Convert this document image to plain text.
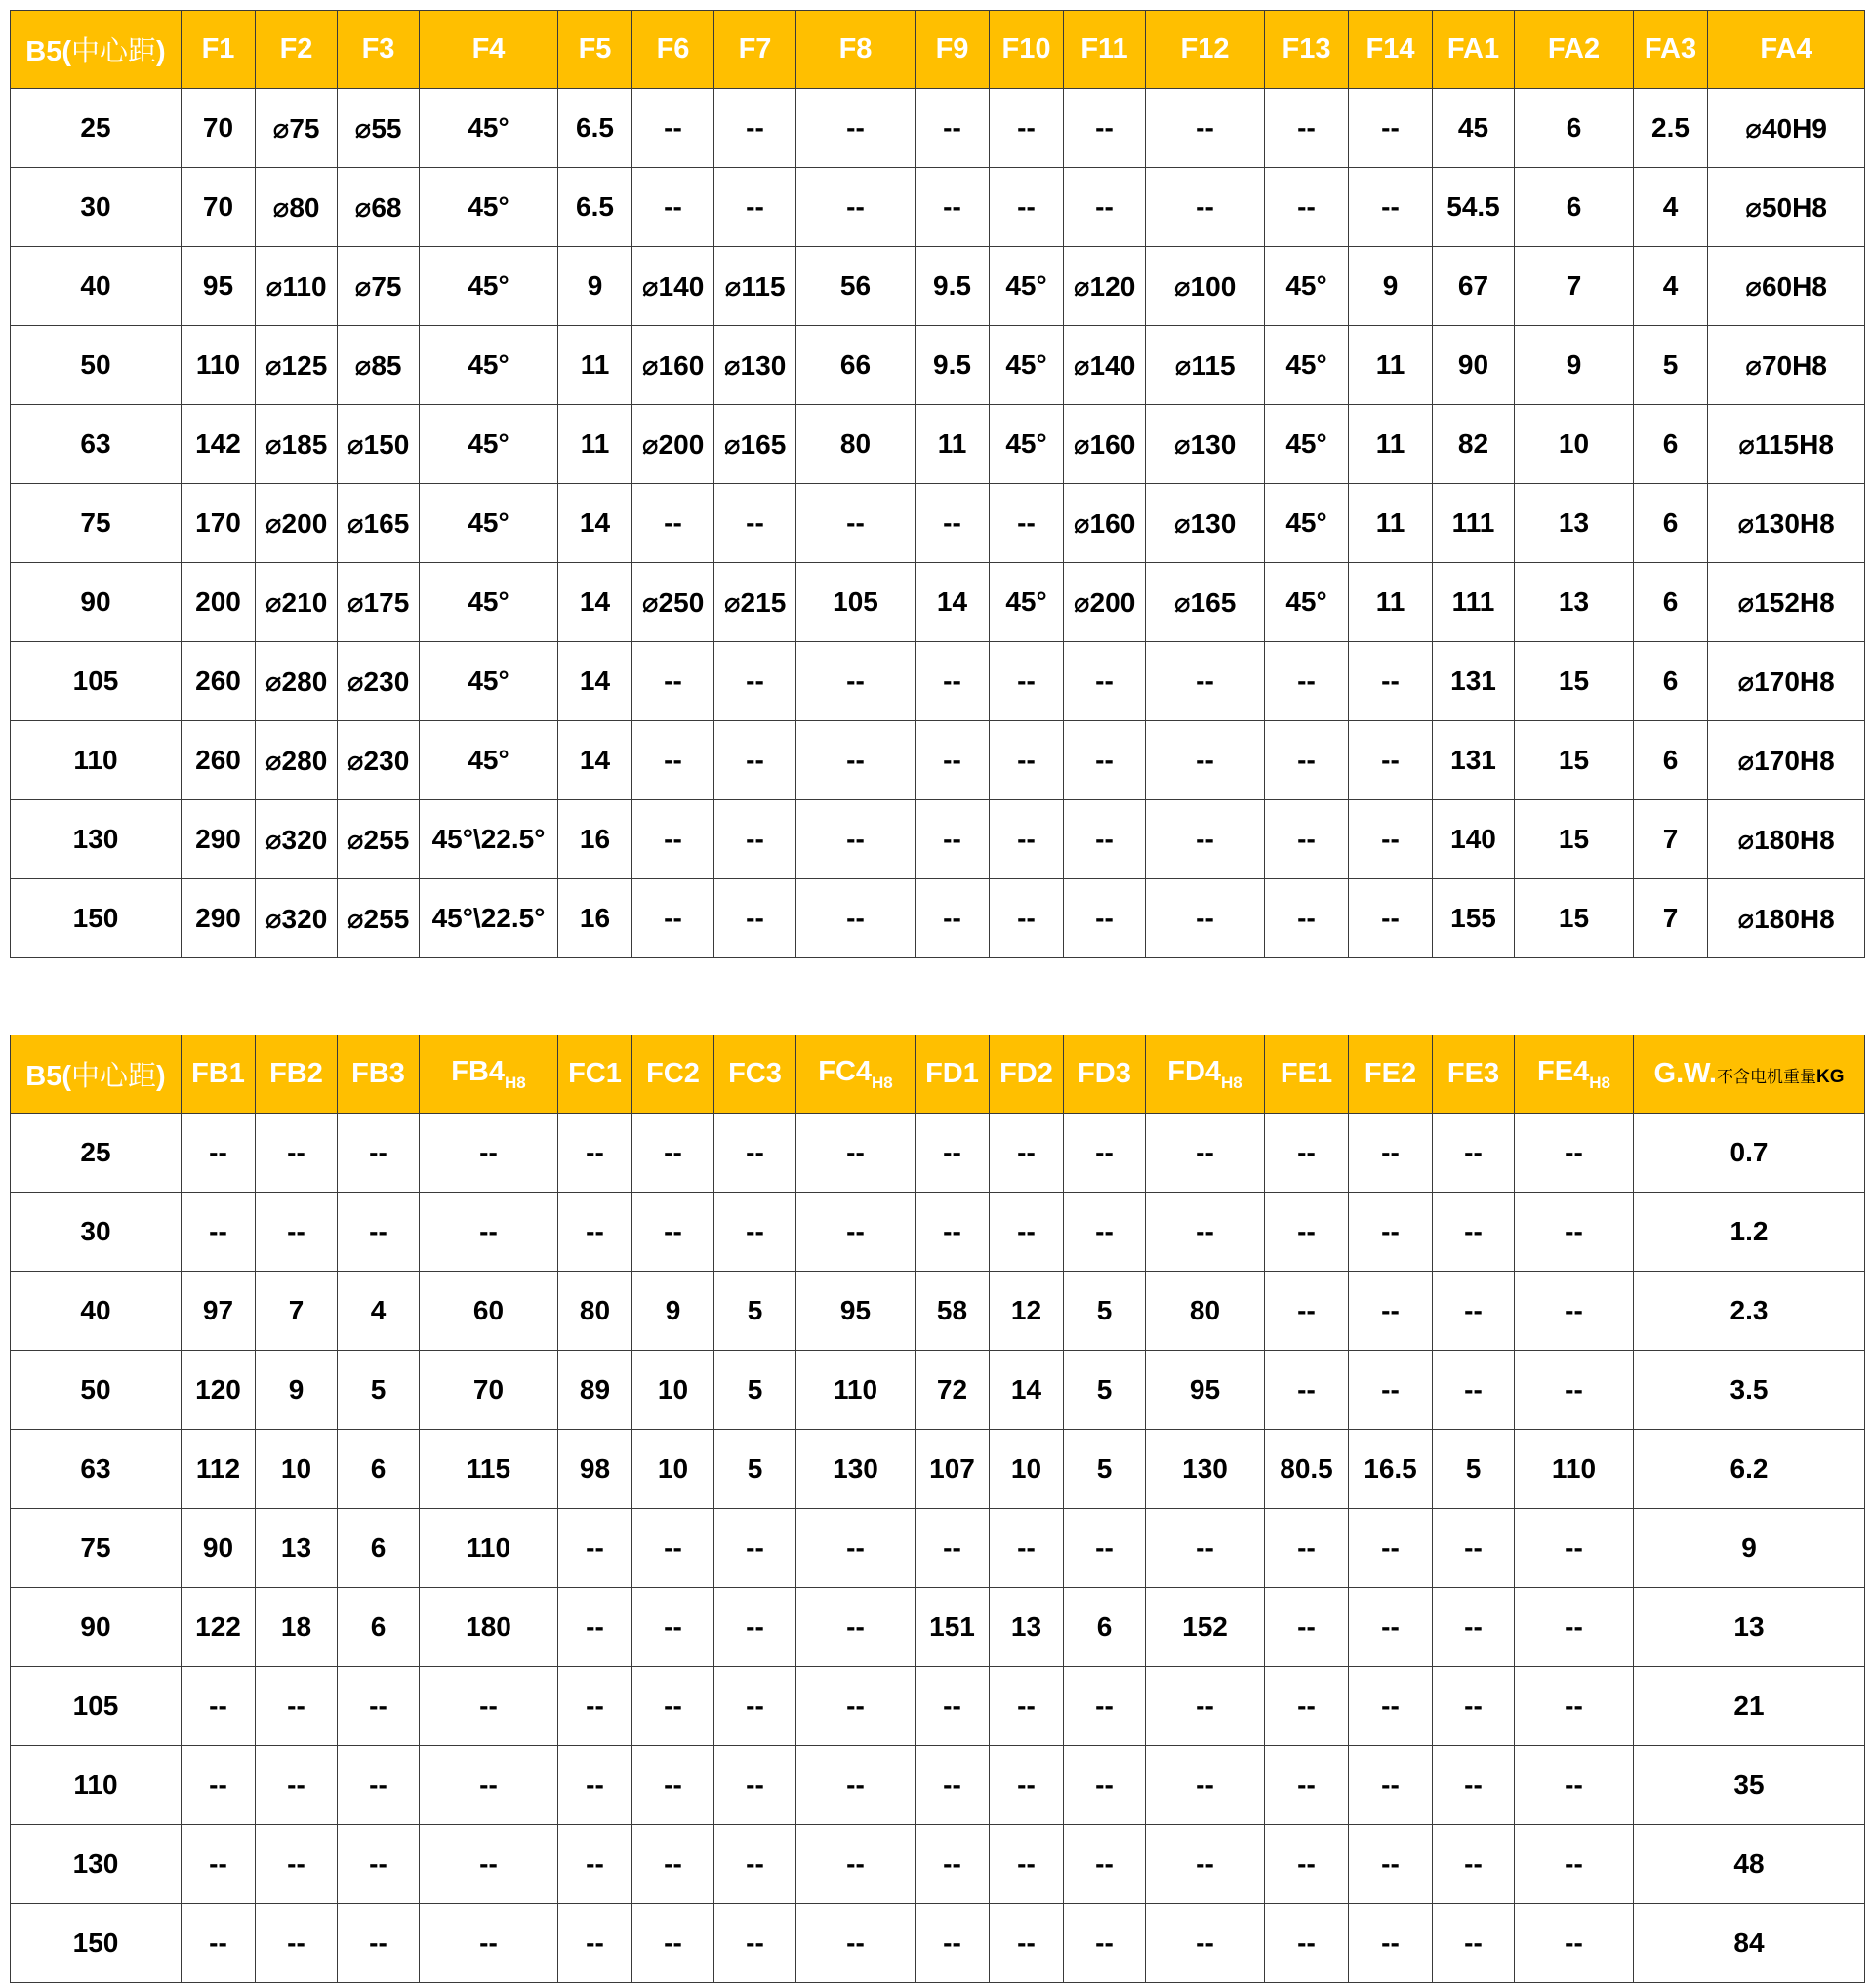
B5(中心距)	F1	F2	F3	F4	F5	F6	F7	F8	F9	F10	F11	F12	F13	F14	FA1	FA2	FA3	FA4
25	70	⌀75	⌀55	45°	6.5	--	--	--	--	--	--	--	--	--	45	6	2.5	⌀40H9
30	70	⌀80	⌀68	45°	6.5	--	--	--	--	--	--	--	--	--	54.5	6	4	⌀50H8
40	95	⌀110	⌀75	45°	9	⌀140	⌀115	56	9.5	45°	⌀120	⌀100	45°	9	67	7	4	⌀60H8
50	110	⌀125	⌀85	45°	11	⌀160	⌀130	66	9.5	45°	⌀140	⌀115	45°	11	90	9	5	⌀70H8
63	142	⌀185	⌀150	45°	11	⌀200	⌀165	80	11	45°	⌀160	⌀130	45°	11	82	10	6	⌀115H8
75	170	⌀200	⌀165	45°	14	--	--	--	--	--	⌀160	⌀130	45°	11	111	13	6	⌀130H8
90	200	⌀210	⌀175	45°	14	⌀250	⌀215	105	14	45°	⌀200	⌀165	45°	11	111	13	6	⌀152H8
105	260	⌀280	⌀230	45°	14	--	--	--	--	--	--	--	--	--	131	15	6	⌀170H8
110	260	⌀280	⌀230	45°	14	--	--	--	--	--	--	--	--	--	131	15	6	⌀170H8
130	290	⌀320	⌀255	45°\22.5°	16	--	--	--	--	--	--	--	--	--	140	15	7	⌀180H8
150	290	⌀320	⌀255	45°\22.5°	16	--	--	--	--	--	--	--	--	--	155	15	7	⌀180H8
B5(中心距)	FB1	FB2	FB3	$FB4_{H8}$	FC1	FC2	FC3	$FC4_{H8}$	FD1	FD2	FD3	$FD4_{H8}$	FE1	FE2	FE3	$FE4_{H8}$	G.W.不含电机重量KG
25	--	--	--	--	--	--	--	--	--	--	--	--	--	--	--	--	0.7
30	--	--	--	--	--	--	--	--	--	--	--	--	--	--	--	--	1.2
40	97	7	4	60	80	9	5	95	58	12	5	80	--	--	--	--	2.3
50	120	9	5	70	89	10	5	110	72	14	5	95	--	--	--	--	3.5
63	112	10	6	115	98	10	5	130	107	10	5	130	80.5	16.5	5	110	6.2
75	90	13	6	110	--	--	--	--	--	--	--	--	--	--	--	--	9
90	122	18	6	180	--	--	--	--	151	13	6	152	--	--	--	--	13
105	--	--	--	--	--	--	--	--	--	--	--	--	--	--	--	--	21
110	--	--	--	--	--	--	--	--	--	--	--	--	--	--	--	--	35
130	--	--	--	--	--	--	--	--	--	--	--	--	--	--	--	--	48
150	--	--	--	--	--	--	--	--	--	--	--	--	--	--	--	--	84
